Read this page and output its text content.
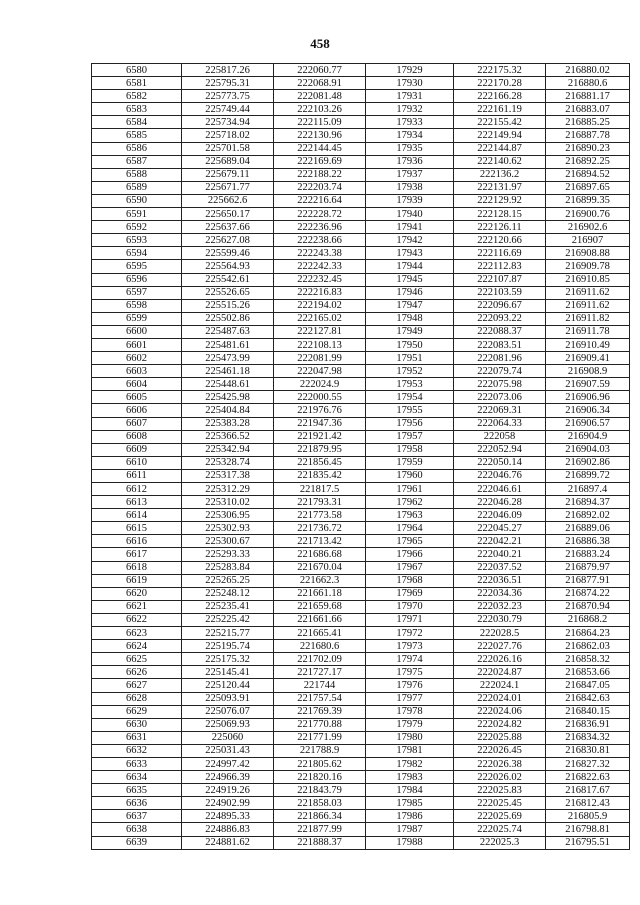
458
6580	225817.26	222060.77	17929	222175.32	216880.02
6581	225795.31	222068.91	17930	222170.28	216880.6
6582	225773.75	222081.48	17931	222166.28	216881.17
6583	225749.44	222103.26	17932	222161.19	216883.07
6584	225734.94	222115.09	17933	222155.42	216885.25
6585	225718.02	222130.96	17934	222149.94	216887.78
6586	225701.58	222144.45	17935	222144.87	216890.23
6587	225689.04	222169.69	17936	222140.62	216892.25
6588	225679.11	222188.22	17937	222136.2	216894.52
6589	225671.77	222203.74	17938	222131.97	216897.65
6590	225662.6	222216.64	17939	222129.92	216899.35
6591	225650.17	222228.72	17940	222128.15	216900.76
6592	225637.66	222236.96	17941	222126.11	216902.6
6593	225627.08	222238.66	17942	222120.66	216907
6594	225599.46	222243.38	17943	222116.69	216908.88
6595	225564.93	222242.33	17944	222112.83	216909.78
6596	225542.61	222232.45	17945	222107.87	216910.85
6597	225526.65	222216.83	17946	222103.59	216911.62
6598	225515.26	222194.02	17947	222096.67	216911.62
6599	225502.86	222165.02	17948	222093.22	216911.82
6600	225487.63	222127.81	17949	222088.37	216911.78
6601	225481.61	222108.13	17950	222083.51	216910.49
6602	225473.99	222081.99	17951	222081.96	216909.41
6603	225461.18	222047.98	17952	222079.74	216908.9
6604	225448.61	222024.9	17953	222075.98	216907.59
6605	225425.98	222000.55	17954	222073.06	216906.96
6606	225404.84	221976.76	17955	222069.31	216906.34
6607	225383.28	221947.36	17956	222064.33	216906.57
6608	225366.52	221921.42	17957	222058	216904.9
6609	225342.94	221879.95	17958	222052.94	216904.03
6610	225328.74	221856.45	17959	222050.14	216902.86
6611	225317.38	221835.42	17960	222046.76	216899.72
6612	225312.29	221817.5	17961	222046.61	216897.4
6613	225310.02	221793.31	17962	222046.28	216894.37
6614	225306.95	221773.58	17963	222046.09	216892.02
6615	225302.93	221736.72	17964	222045.27	216889.06
6616	225300.67	221713.42	17965	222042.21	216886.38
6617	225293.33	221686.68	17966	222040.21	216883.24
6618	225283.84	221670.04	17967	222037.52	216879.97
6619	225265.25	221662.3	17968	222036.51	216877.91
6620	225248.12	221661.18	17969	222034.36	216874.22
6621	225235.41	221659.68	17970	222032.23	216870.94
6622	225225.42	221661.66	17971	222030.79	216868.2
6623	225215.77	221665.41	17972	222028.5	216864.23
6624	225195.74	221680.6	17973	222027.76	216862.03
6625	225175.32	221702.09	17974	222026.16	216858.32
6626	225145.41	221727.17	17975	222024.87	216853.66
6627	225120.44	221744	17976	222024.1	216847.05
6628	225093.91	221757.54	17977	222024.01	216842.63
6629	225076.07	221769.39	17978	222024.06	216840.15
6630	225069.93	221770.88	17979	222024.82	216836.91
6631	225060	221771.99	17980	222025.88	216834.32
6632	225031.43	221788.9	17981	222026.45	216830.81
6633	224997.42	221805.62	17982	222026.38	216827.32
6634	224966.39	221820.16	17983	222026.02	216822.63
6635	224919.26	221843.79	17984	222025.83	216817.67
6636	224902.99	221858.03	17985	222025.45	216812.43
6637	224895.33	221866.34	17986	222025.69	216805.9
6638	224886.83	221877.99	17987	222025.74	216798.81
6639	224881.62	221888.37	17988	222025.3	216795.51
